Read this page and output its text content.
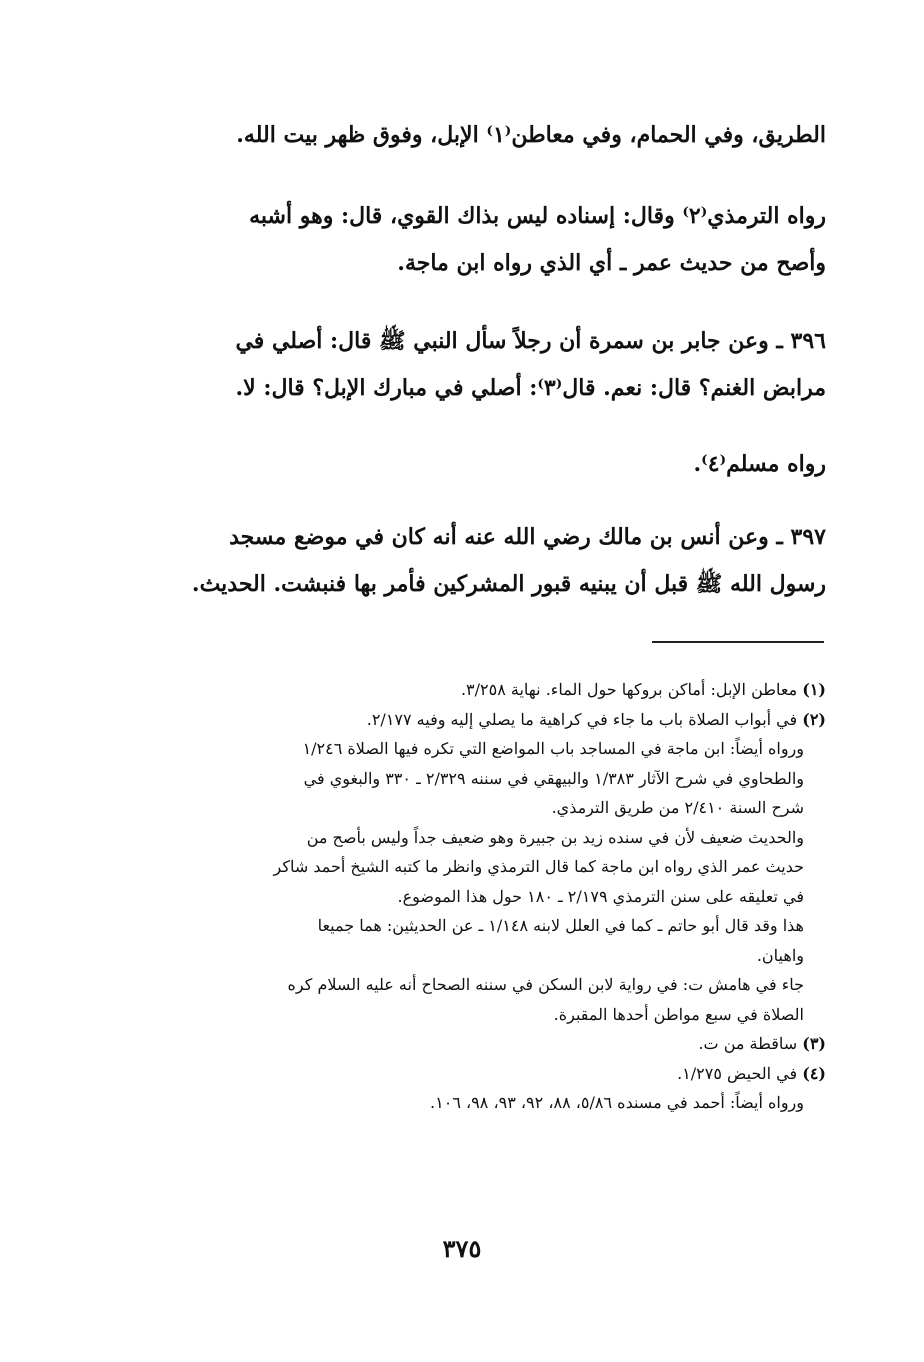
الطريق، وفي الحمام، وفي معاطن⁽١⁾ الإبل، وفوق ظهر بيت الله.
رواه الترمذي⁽٢⁾ وقال: إسناده ليس بذاك القوي، قال: وهو أشبه
وأصح من حديث عمر ـ أي الذي رواه ابن ماجة.
٣٩٦ ـ وعن جابر بن سمرة أن رجلاً سأل النبي ﷺ قال: أصلي في
مرابض الغنم؟ قال: نعم. قال⁽٣⁾: أصلي في مبارك الإبل؟ قال: لا.
رواه مسلم⁽٤⁾.
٣٩٧ ـ وعن أنس بن مالك رضي الله عنه أنه كان في موضع مسجد
رسول الله ﷺ قبل أن يبنيه قبور المشركين فأمر بها فنبشت. الحديث.
(١) معاطن الإبل: أماكن بروكها حول الماء. نهاية ٣/٢٥٨.
(٢) في أبواب الصلاة باب ما جاء في كراهية ما يصلي إليه وفيه ٢/١٧٧.
ورواه أيضاً: ابن ماجة في المساجد باب المواضع التي تكره فيها الصلاة ١/٢٤٦
والطحاوي في شرح الآثار ١/٣٨٣ والبيهقي في سننه ٢/٣٢٩ ـ ٣٣٠ والبغوي في
شرح السنة ٢/٤١٠ من طريق الترمذي.
والحديث ضعيف لأن في سنده زيد بن جبيرة وهو ضعيف جداً وليس بأصح من
حديث عمر الذي رواه ابن ماجة كما قال الترمذي وانظر ما كتبه الشيخ أحمد شاكر
في تعليقه على سنن الترمذي ٢/١٧٩ ـ ١٨٠ حول هذا الموضوع.
هذا وقد قال أبو حاتم ـ كما في العلل لابنه ١/١٤٨ ـ عن الحديثين: هما جميعا
واهيان.
جاء في هامش ت: في رواية لابن السكن في سننه الصحاح أنه عليه السلام كره
الصلاة في سبع مواطن أحدها المقبرة.
(٣) ساقطة من ت.
(٤) في الحيض ١/٢٧٥.
ورواه أيضاً: أحمد في مسنده ٥/٨٦، ٨٨، ٩٢، ٩٣، ٩٨، ١٠٦.
٣٧٥
